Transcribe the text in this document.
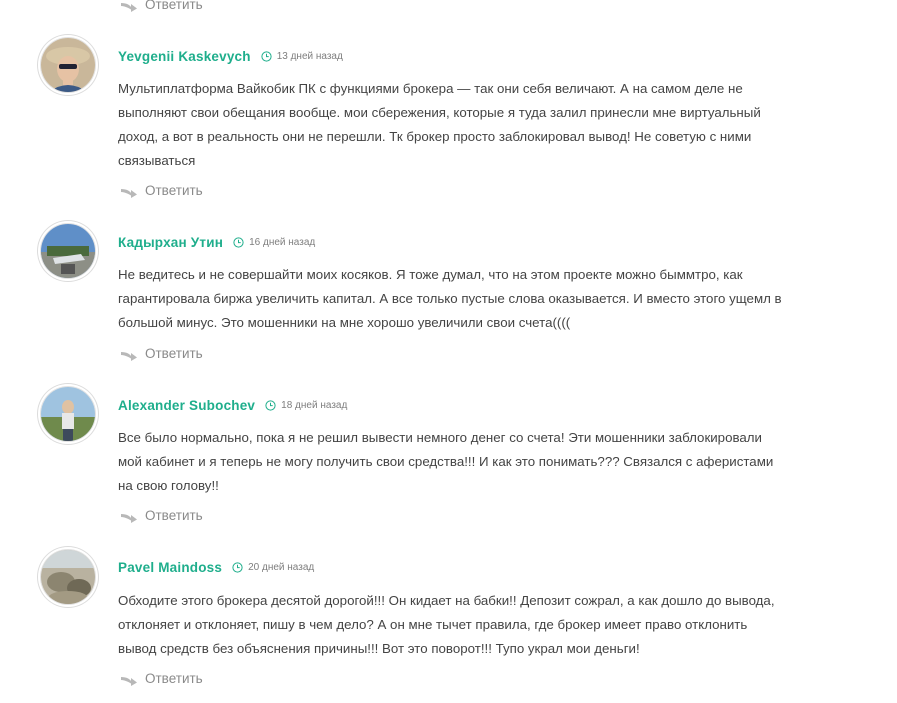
Ответить
Yevgenii Kaskevych	13 дней назад
Мультиплатформа Вайкобик ПК с функциями брокера — так они себя величают. А на самом деле не выполняют свои обещания вообще. мои сбережения, которые я туда залил принесли мне виртуальный доход, а вот в реальность они не перешли. Тк брокер просто заблокировал вывод! Не советую с ними связываться
Ответить
Кадырхан Утин	16 дней назад
Не ведитесь и не совершайти моих косяков. Я тоже думал, что на этом проекте можно быммтро, как гарантировала биржа увеличить капитал. А все только пустые слова оказывается. И вместо этого ущемл в большой минус. Это мошенники на мне хорошо увеличили свои счета((((
Ответить
Alexander Subochev	18 дней назад
Все было нормально, пока я не решил вывести немного денег со счета! Эти мошенники заблокировали мой кабинет и я теперь не могу получить свои средства!!! И как это понимать??? Связался с аферистами на свою голову!!
Ответить
Pavel Maindoss	20 дней назад
Обходите этого брокера десятой дорогой!!! Он кидает на бабки!! Депозит сожрал, а как дошло до вывода, отклоняет и отклоняет, пишу в чем дело? А он мне тычет правила, где брокер имеет право отклонить вывод средств без объяснения причины!!! Вот это поворот!!! Тупо украл мои деньги!
Ответить
